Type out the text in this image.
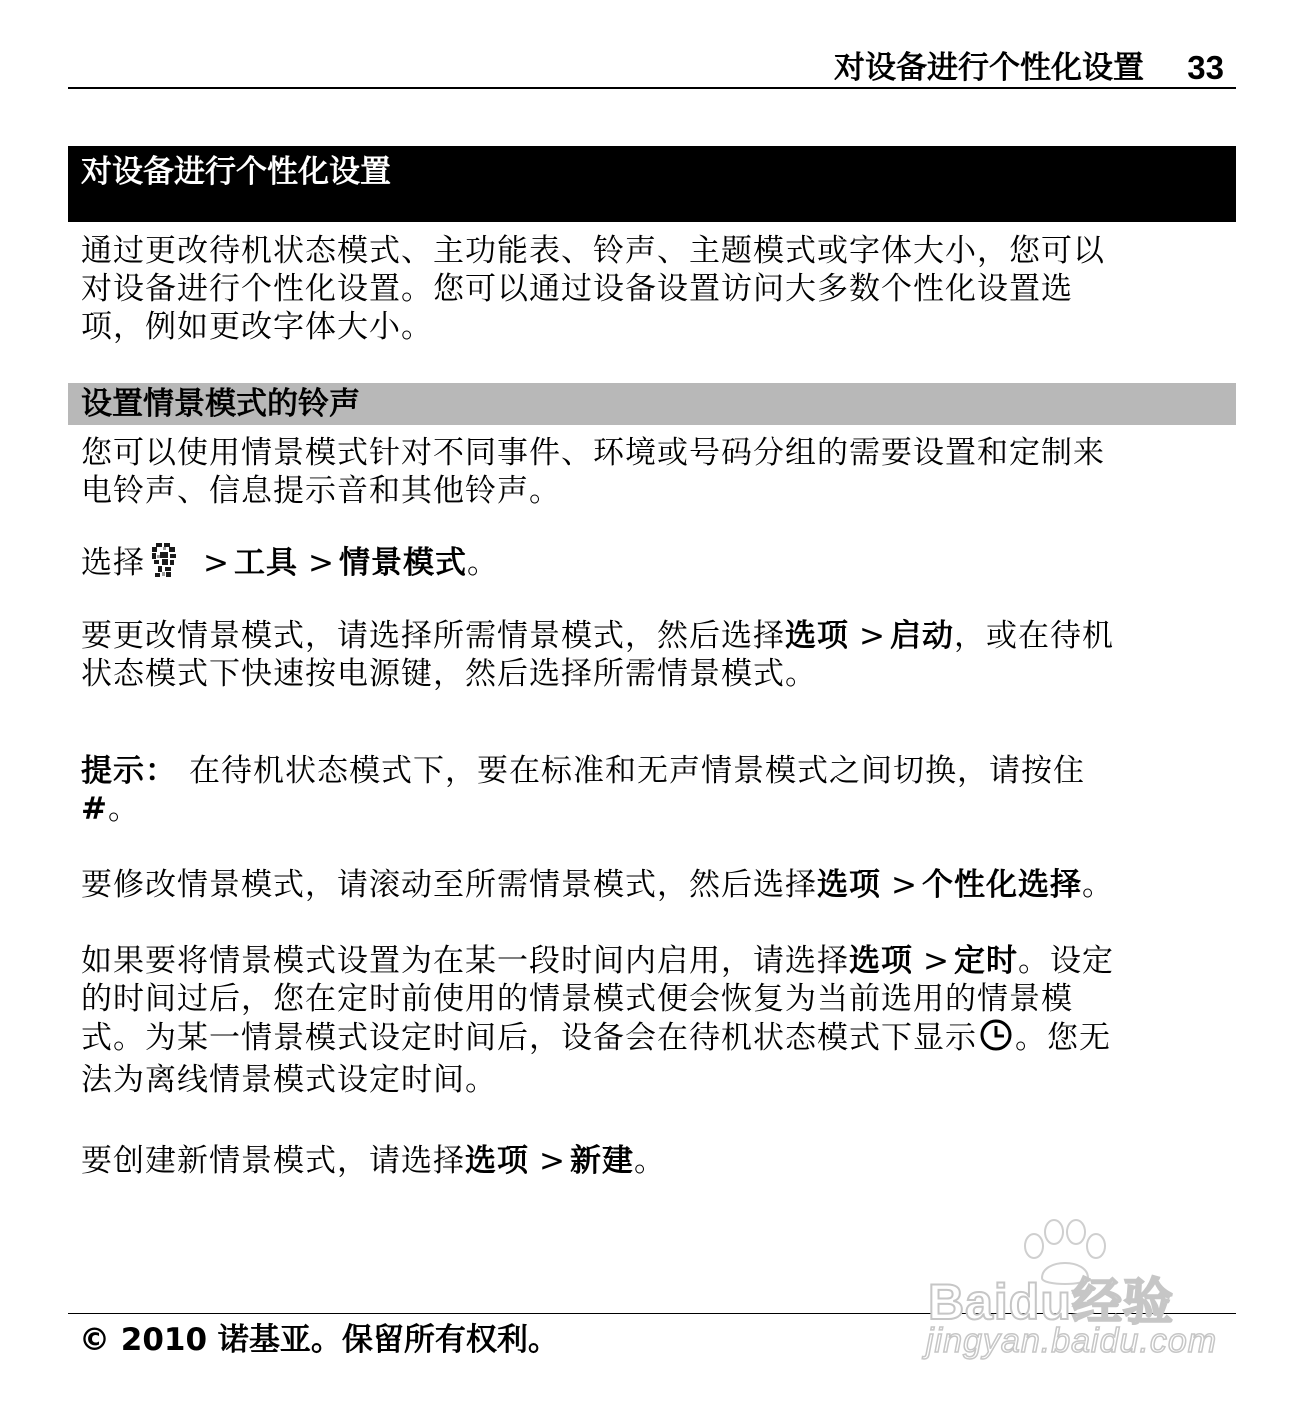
对设备进行个性化设置 33
对设备进行个性化设置
通过更改待机状态模式、主功能表、铃声、主题模式或字体大小，您可以
对设备进行个性化设置。您可以通过设备设置访问大多数个性化设置选
项，例如更改字体大小。
设置情景模式的铃声
您可以使用情景模式针对不同事件、环境或号码分组的需要设置和定制来
电铃声、信息提示音和其他铃声。
选择 > 工具 > 情景模式。
要更改情景模式，请选择所需情景模式，然后选择选项 > 启动，或在待机
状态模式下快速按电源键，然后选择所需情景模式。
提示： 在待机状态模式下，要在标准和无声情景模式之间切换，请按住
#。
要修改情景模式，请滚动至所需情景模式，然后选择选项 > 个性化选择。
如果要将情景模式设置为在某一段时间内启用，请选择选项 > 定时。设定
的时间过后，您在定时前使用的情景模式便会恢复为当前选用的情景模
式。为某一情景模式设定时间后，设备会在待机状态模式下显示 。您无
法为离线情景模式设定时间。
要创建新情景模式，请选择选项 > 新建。
© 2010 诺基亚。保留所有权利。
Baidu经验
jingyan.baidu.com
